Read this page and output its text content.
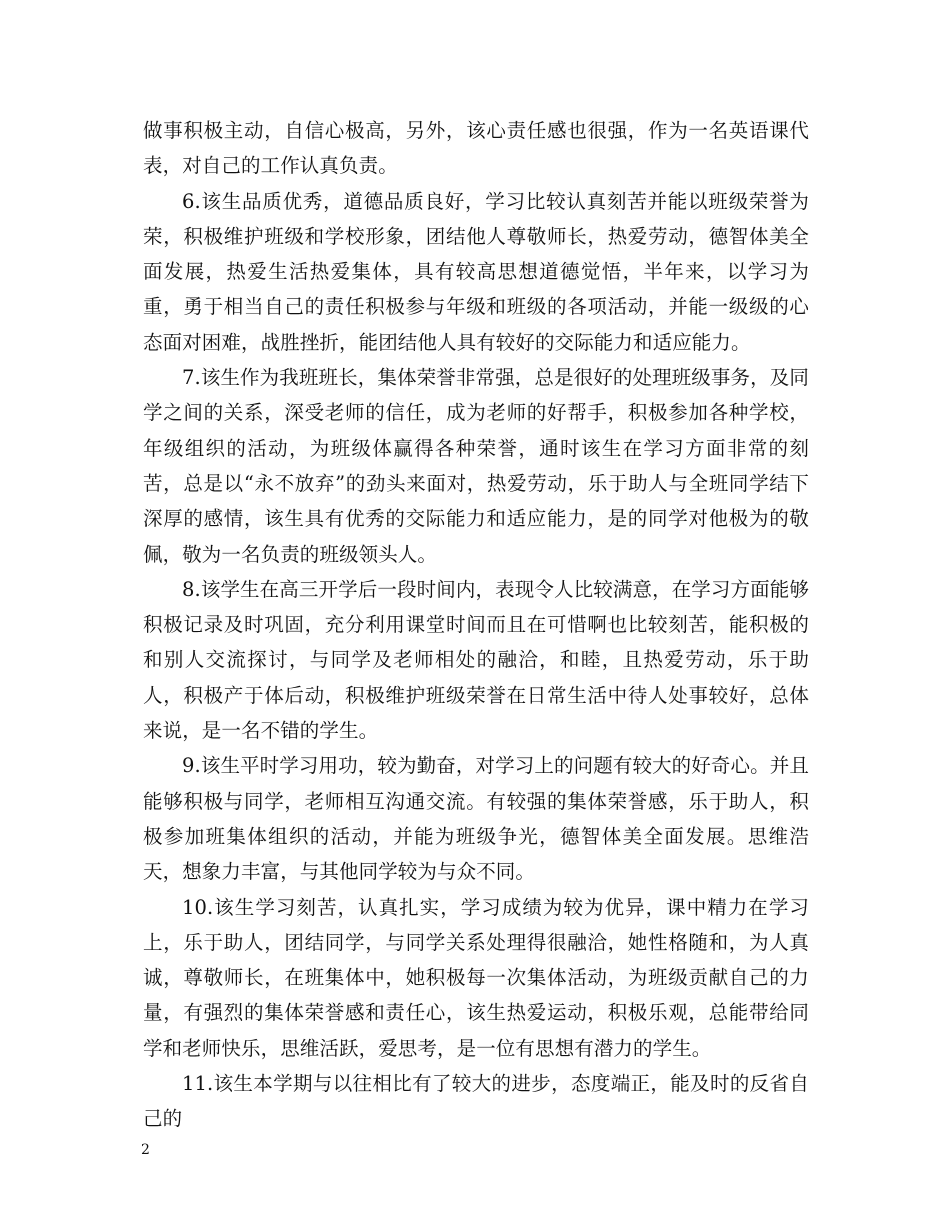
做事积极主动，自信心极高，另外，该心责任感也很强，作为一名英语课代表，对自己的工作认真负责。

6.该生品质优秀，道德品质良好，学习比较认真刻苦并能以班级荣誉为荣，积极维护班级和学校形象，团结他人尊敬师长，热爱劳动，德智体美全面发展，热爱生活热爱集体，具有较高思想道德觉悟，半年来，以学习为重，勇于相当自己的责任积极参与年级和班级的各项活动，并能一级级的心态面对困难，战胜挫折，能团结他人具有较好的交际能力和适应能力。

7.该生作为我班班长，集体荣誉非常强，总是很好的处理班级事务，及同学之间的关系，深受老师的信任，成为老师的好帮手，积极参加各种学校，年级组织的活动，为班级体赢得各种荣誉，通时该生在学习方面非常的刻苦，总是以“永不放弃”的劲头来面对，热爱劳动，乐于助人与全班同学结下深厚的感情，该生具有优秀的交际能力和适应能力，是的同学对他极为的敬佩，敬为一名负责的班级领头人。

8.该学生在高三开学后一段时间内，表现令人比较满意，在学习方面能够积极记录及时巩固，充分利用课堂时间而且在可惜啊也比较刻苦，能积极的和别人交流探讨，与同学及老师相处的融洽，和睦，且热爱劳动，乐于助人，积极产于体后动，积极维护班级荣誉在日常生活中待人处事较好，总体来说，是一名不错的学生。

9.该生平时学习用功，较为勤奋，对学习上的问题有较大的好奇心。并且能够积极与同学，老师相互沟通交流。有较强的集体荣誉感，乐于助人，积极参加班集体组织的活动，并能为班级争光，德智体美全面发展。思维浩天，想象力丰富，与其他同学较为与众不同。

10.该生学习刻苦，认真扎实，学习成绩为较为优异，课中精力在学习上，乐于助人，团结同学，与同学关系处理得很融洽，她性格随和，为人真诚，尊敬师长，在班集体中，她积极每一次集体活动，为班级贡献自己的力量，有强烈的集体荣誉感和责任心，该生热爱运动，积极乐观，总能带给同学和老师快乐，思维活跃，爱思考，是一位有思想有潜力的学生。

11.该生本学期与以往相比有了较大的进步，态度端正，能及时的反省自己的

2
